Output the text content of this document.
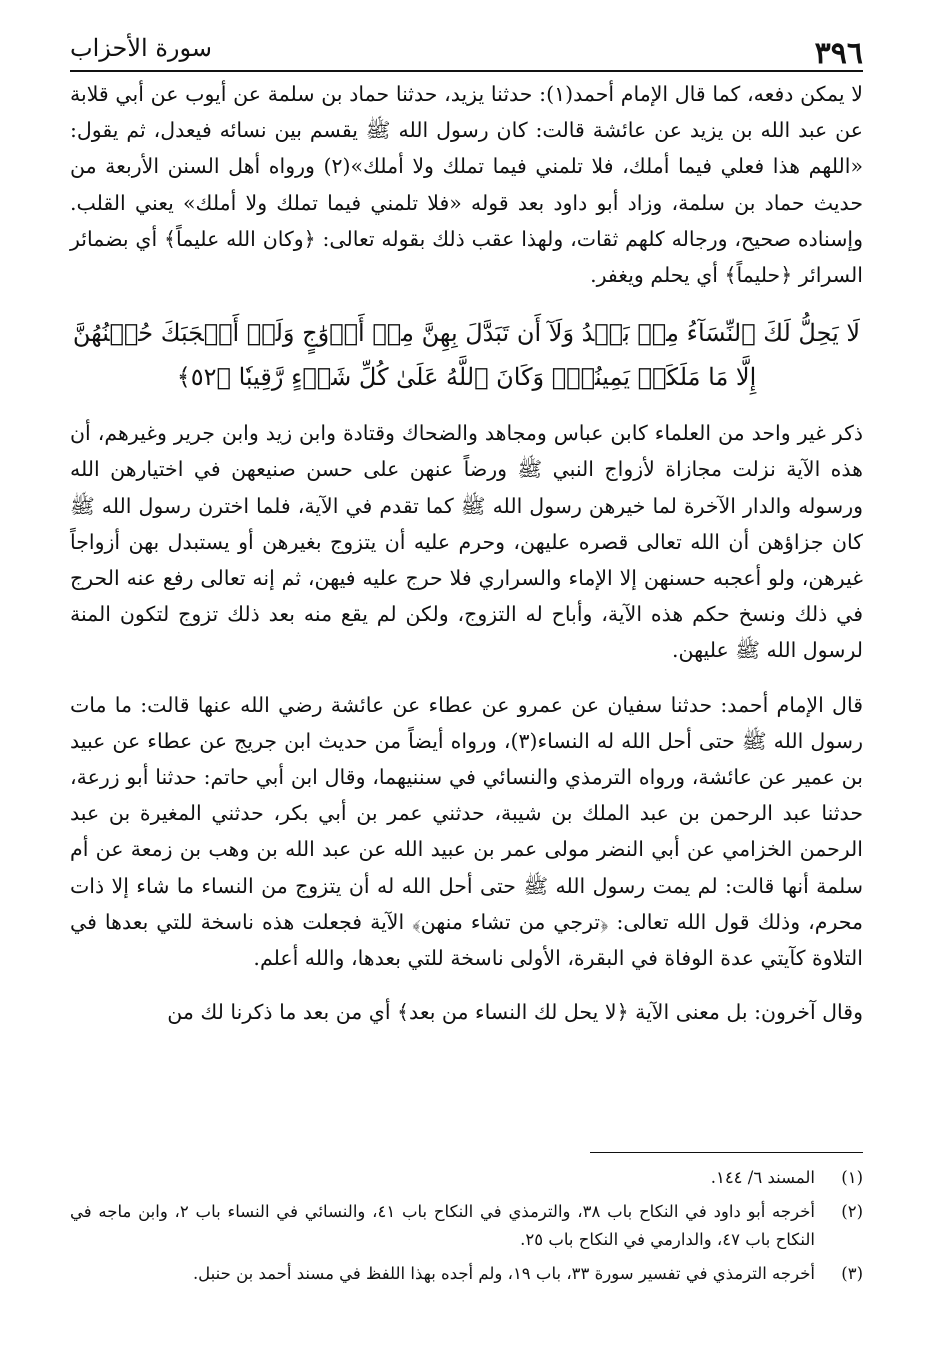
٣٩٦
سورة الأحزاب

لا يمكن دفعه، كما قال الإمام أحمد(١): حدثنا يزيد، حدثنا حماد بن سلمة عن أيوب عن أبي قلابة عن عبد الله بن يزيد عن عائشة قالت: كان رسول الله ﷺ يقسم بين نسائه فيعدل، ثم يقول: «اللهم هذا فعلي فيما أملك، فلا تلمني فيما تملك ولا أملك»(٢) ورواه أهل السنن الأربعة من حديث حماد بن سلمة، وزاد أبو داود بعد قوله «فلا تلمني فيما تملك ولا أملك» يعني القلب. وإسناده صحيح، ورجاله كلهم ثقات، ولهذا عقب ذلك بقوله تعالى: ﴿وكان الله عليماً﴾ أي بضمائر السرائر ﴿حليماً﴾ أي يحلم ويغفر.

لَا يَحِلُّ لَكَ ٱلنِّسَآءُ مِنۢ بَعۡدُ وَلَآ أَن تَبَدَّلَ بِهِنَّ مِنۡ أَزۡوَٰجٍ وَلَوۡ أَعۡجَبَكَ حُسۡنُهُنَّ إِلَّا مَا مَلَكَتۡ يَمِينُكَۗ وَكَانَ ٱللَّهُ عَلَىٰ كُلِّ شَيۡءٍ رَّقِيبٗا ﴿٥٢﴾

ذكر غير واحد من العلماء كابن عباس ومجاهد والضحاك وقتادة وابن زيد وابن جرير وغيرهم، أن هذه الآية نزلت مجازاة لأزواج النبي ﷺ ورضاً عنهن على حسن صنيعهن في اختيارهن الله ورسوله والدار الآخرة لما خيرهن رسول الله ﷺ كما تقدم في الآية، فلما اخترن رسول الله ﷺ كان جزاؤهن أن الله تعالى قصره عليهن، وحرم عليه أن يتزوج بغيرهن أو يستبدل بهن أزواجاً غيرهن، ولو أعجبه حسنهن إلا الإماء والسراري فلا حرج عليه فيهن، ثم إنه تعالى رفع عنه الحرج في ذلك ونسخ حكم هذه الآية، وأباح له التزوج، ولكن لم يقع منه بعد ذلك تزوج لتكون المنة لرسول الله ﷺ عليهن.

قال الإمام أحمد: حدثنا سفيان عن عمرو عن عطاء عن عائشة رضي الله عنها قالت: ما مات رسول الله ﷺ حتى أحل الله له النساء(٣)، ورواه أيضاً من حديث ابن جريج عن عطاء عن عبيد بن عمير عن عائشة، ورواه الترمذي والنسائي في سننيهما، وقال ابن أبي حاتم: حدثنا أبو زرعة، حدثنا عبد الرحمن بن عبد الملك بن شيبة، حدثني عمر بن أبي بكر، حدثني المغيرة بن عبد الرحمن الخزامي عن أبي النضر مولى عمر بن عبيد الله عن عبد الله بن وهب بن زمعة عن أم سلمة أنها قالت: لم يمت رسول الله ﷺ حتى أحل الله له أن يتزوج من النساء ما شاء إلا ذات محرم، وذلك قول الله تعالى: ﴿ترجي من تشاء منهن﴾ الآية فجعلت هذه ناسخة للتي بعدها في التلاوة كآيتي عدة الوفاة في البقرة، الأولى ناسخة للتي بعدها، والله أعلم.

وقال آخرون: بل معنى الآية ﴿لا يحل لك النساء من بعد﴾ أي من بعد ما ذكرنا لك من

(١)
المسند ٦/ ١٤٤.
(٢)
أخرجه أبو داود في النكاح باب ٣٨، والترمذي في النكاح باب ٤١، والنسائي في النساء باب ٢، وابن ماجه في النكاح باب ٤٧، والدارمي في النكاح باب ٢٥.
(٣)
أخرجه الترمذي في تفسير سورة ٣٣، باب ١٩، ولم أجده بهذا اللفظ في مسند أحمد بن حنبل.
